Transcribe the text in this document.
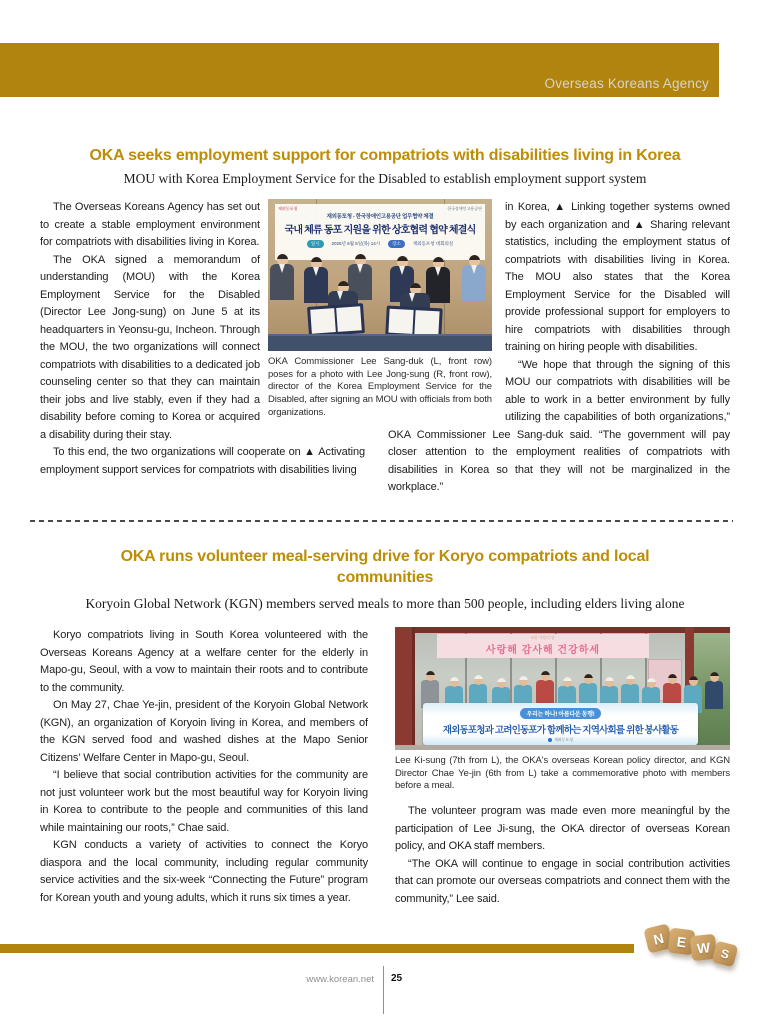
Overseas Koreans Agency
OKA seeks employment support for compatriots with disabilities living in Korea
MOU with Korea Employment Service for the Disabled to establish employment support system
재외동포청	한국장애인고용공단
재외동포청 - 한국장애인고용공단 업무협약 체결
국내 체류 동포 지원을 위한 상호협력 협약 체결식
일시	2025년 6월 5일(목) 14시	장소	재외동포청 대회의실
OKA Commissioner Lee Sang-duk (L, front row) poses for a photo with Lee Jong-sung (R, front row), director of the Korea Employment Service for the Disabled, after signing an MOU with officials from both organizations.

The Overseas Koreans Agency has set out to create a stable employment environment for compatriots with disabilities living in Korea.

The OKA signed a memorandum of understanding (MOU) with the Korea Employment Service for the Disabled (Director Lee Jong-sung) on June 5 at its headquarters in Yeonsu-gu, Incheon. Through the MOU, the two organizations will connect compatriots with disabilities to a dedicated job counseling center so that they can maintain their jobs and live stably, even if they had a disability before coming to Korea or acquired a disability during their stay.

To this end, the two organizations will cooperate on ▲ Activating employment support services for compatriots with disabilities living

in Korea, ▲ Linking together systems owned by each organization and ▲ Sharing relevant statistics, including the employment status of compatriots with disabilities living in Korea. The MOU also states that the Korea Employment Service for the Disabled will provide professional support for employers to hire compatriots with disabilities through training on hiring people with disabilities.

“We hope that through the signing of this MOU our compatriots with disabilities will be able to work in a better environment by fully utilizing the capabilities of both organizations,” OKA Commissioner Lee Sang-duk said. “The government will pay closer attention to the employment realities of compatriots with disabilities in Korea so that they will not be marginalized in the workplace.”

OKA runs volunteer meal-serving drive for Koryo compatriots and local communities
Koryoin Global Network (KGN) members served meals to more than 500 people, including elders living alone

Koryo compatriots living in South Korea volunteered with the Overseas Koreans Agency at a welfare center for the elderly in Mapo-gu, Seoul, with a vow to maintain their roots and to contribute to the community.

On May 27, Chae Ye-jin, president of the Koryoin Global Network (KGN), an organization of Koryoin living in Korea, and members of the KGN served food and washed dishes at the Mapo Senior Citizens’ Welfare Center in Mapo-gu, Seoul.

“I believe that social contribution activities for the community are not just volunteer work but the most beautiful way for Koryoin living in Korea to contribute to the people and communities of this land while maintaining our roots,” Chae said.

KGN conducts a variety of activities to connect the Koryo diaspora and the local community, including regular community service activities and the six-week “Connecting the Future” program for Korean youth and young adults, which it runs six times a year.

5월 가정의 달
사랑해 감사해 건강하세
우리는 하나! 아름다운 동행!
재외동포청과 고려인동포가 함께하는 지역사회를 위한 봉사활동
재외동포청
Lee Ki-sung (7th from L), the OKA's overseas Korean policy director, and KGN Director Chae Ye-jin (6th from L) take a commemorative photo with members before a meal.

The volunteer program was made even more meaningful by the participation of Lee Ji-sung, the OKA director of overseas Korean policy, and OKA staff members.

“The OKA will continue to engage in social contribution activities that can promote our overseas compatriots and connect them with the community,” Lee said.

N E W S
www.korean.net 25
